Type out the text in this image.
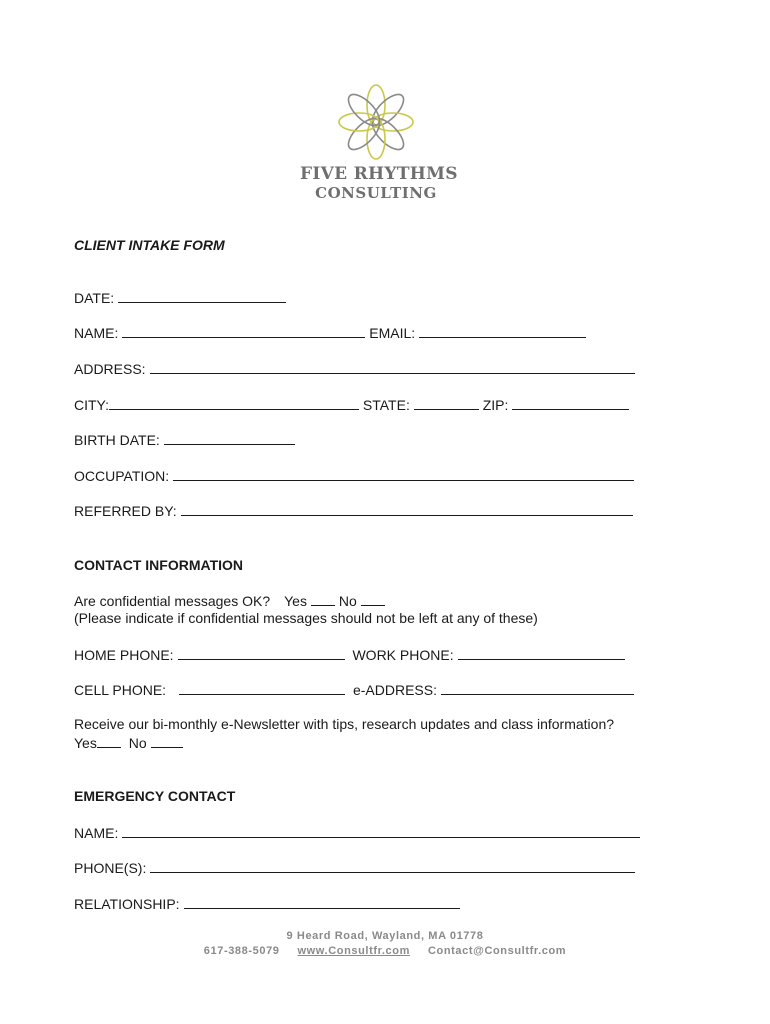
FIVE RHYTHMS
CONSULTING
CLIENT INTAKE FORM
DATE:
NAME:	EMAIL:
ADDRESS:
CITY:	STATE:	ZIP:
BIRTH DATE:
OCCUPATION:
REFERRED BY:
CONTACT INFORMATION
Are confidential messages OK? Yes No
(Please indicate if confidential messages should not be left at any of these)
HOME PHONE:	WORK PHONE:
CELL PHONE:	e-ADDRESS:
Receive our bi-monthly e-Newsletter with tips, research updates and class information?
Yes No
EMERGENCY CONTACT
NAME:
PHONE(S):
RELATIONSHIP:
9 Heard Road, Wayland, MA 01778
617-388-5079 www.Consultfr.com Contact@Consultfr.com
